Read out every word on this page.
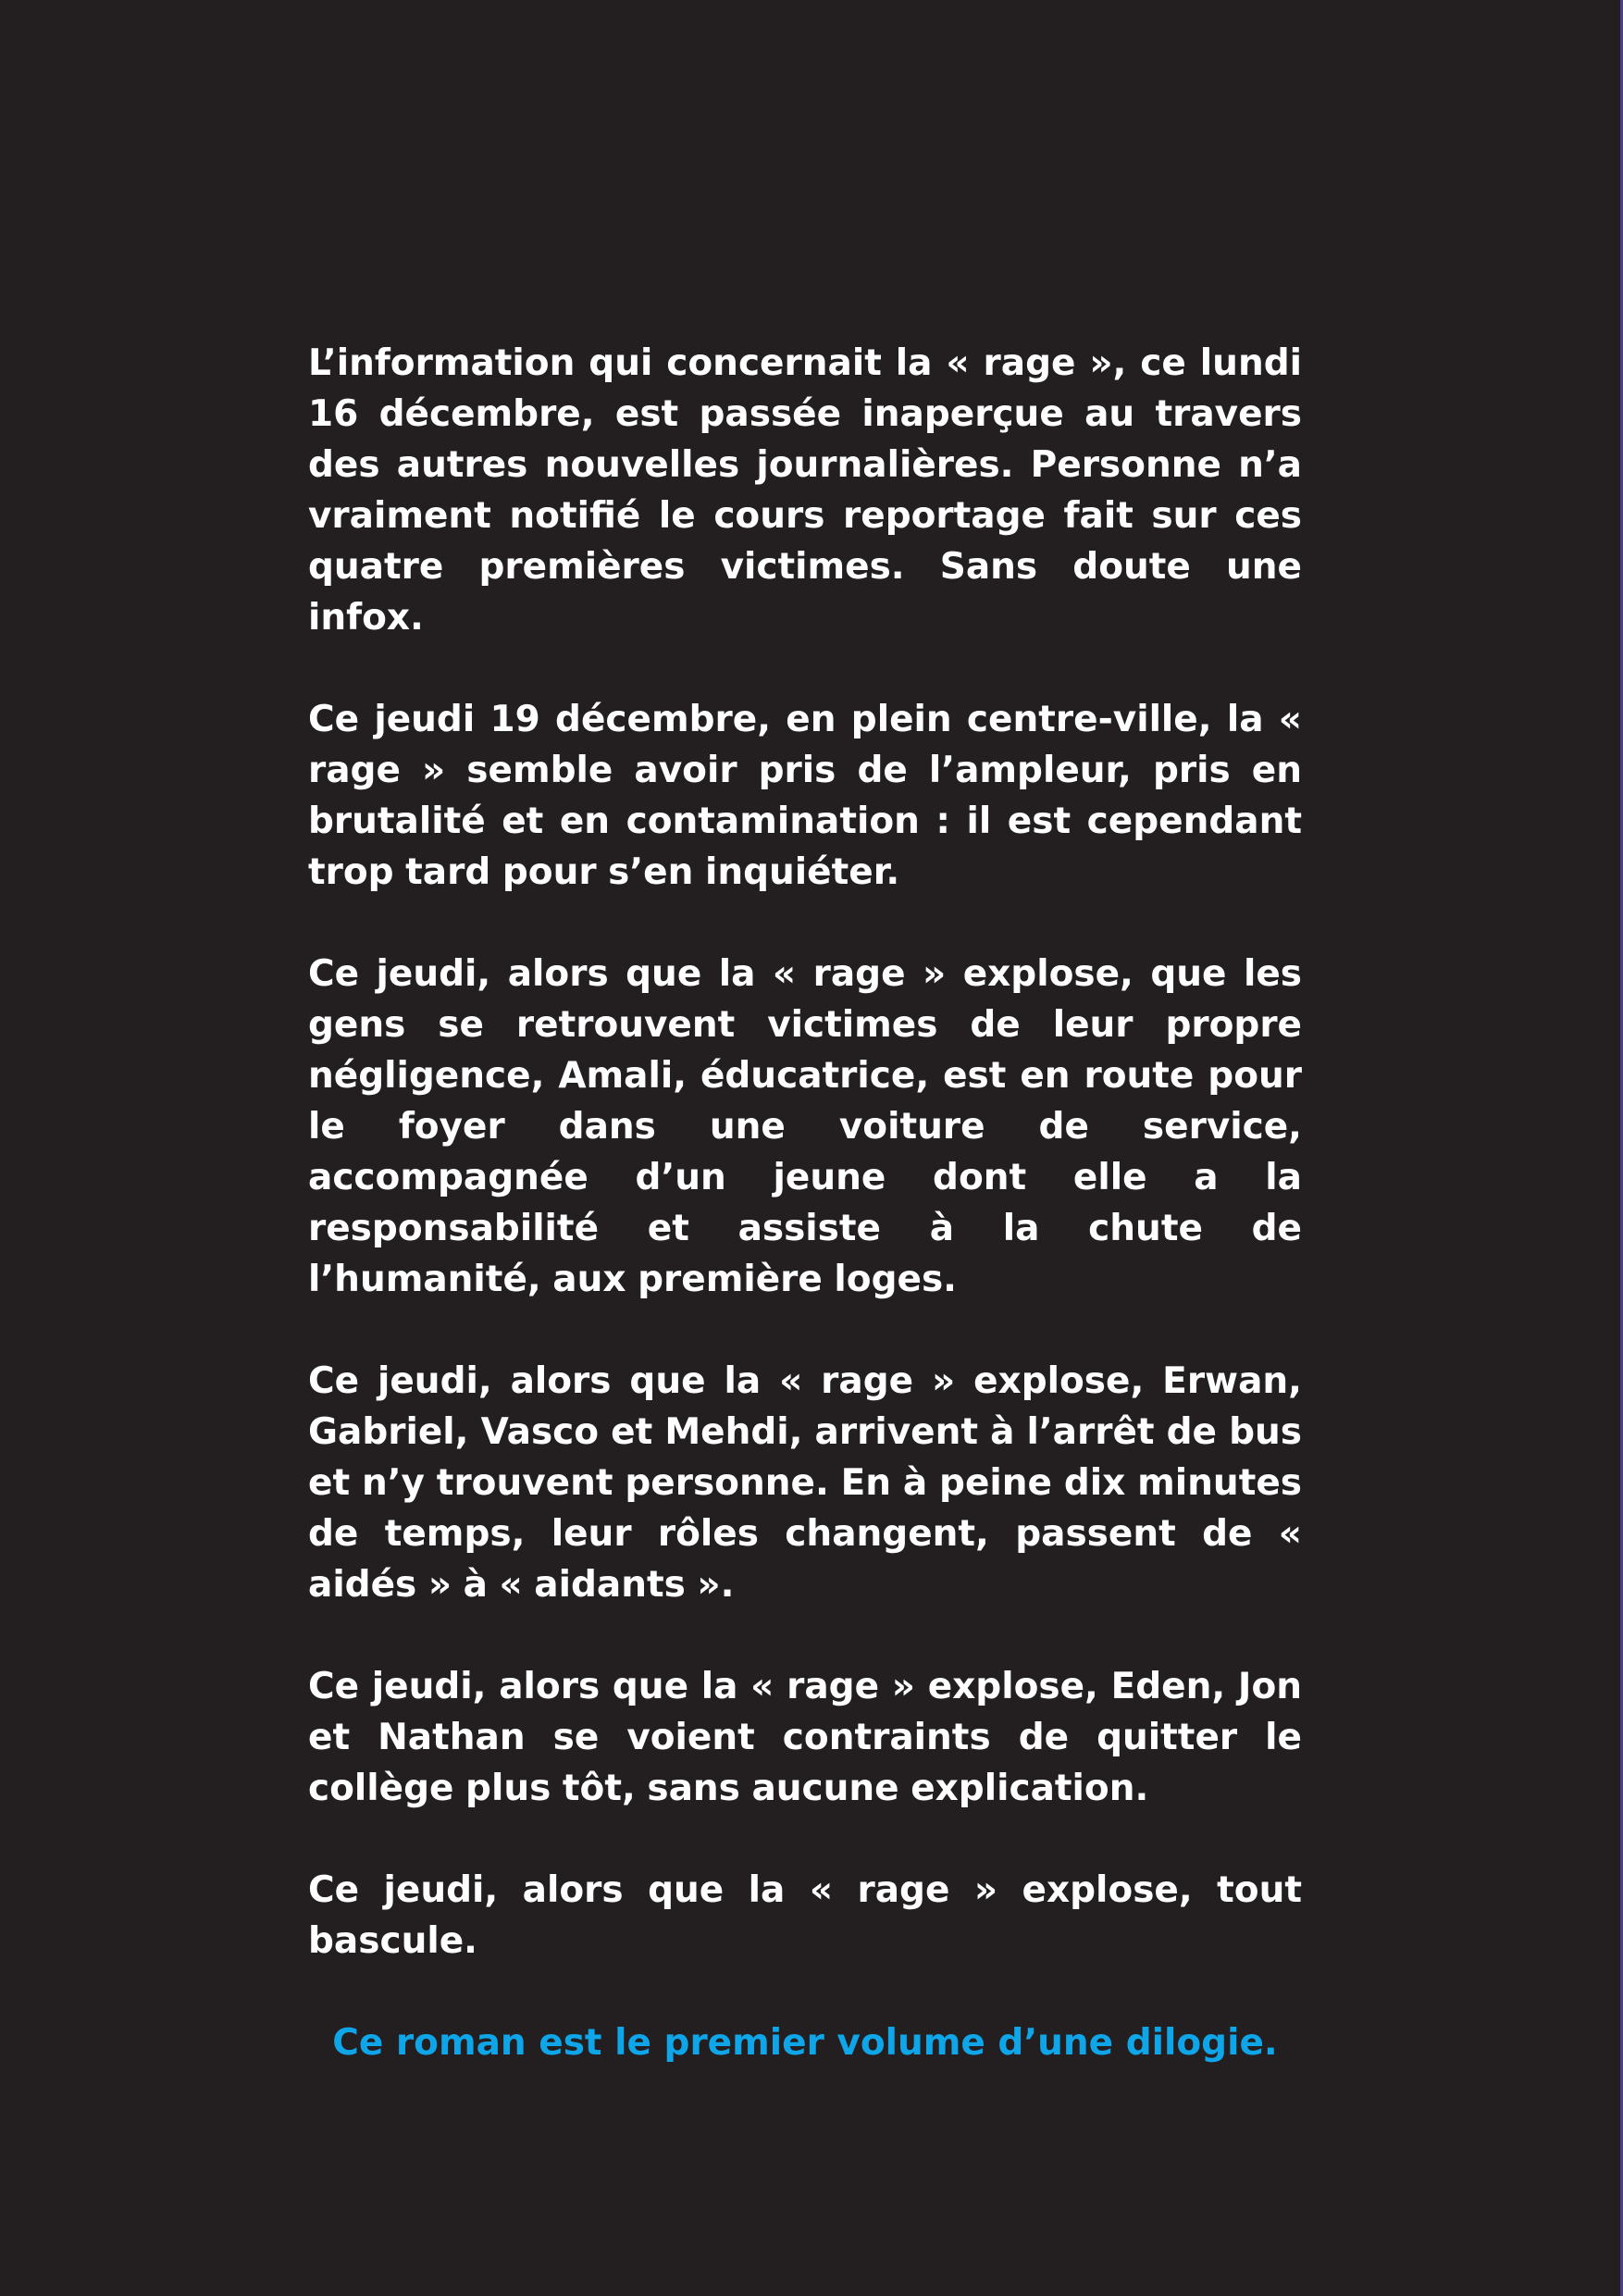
L’information qui concernait la « rage », ce lundi 16 décembre, est passée inaperçue au travers des autres nouvelles journalières. Personne n’a vraiment notifié le cours reportage fait sur ces quatre premières victimes. Sans doute une infox.

Ce jeudi 19 décembre, en plein centre-ville, la « rage » semble avoir pris de l’ampleur, pris en brutalité et en contamination : il est cependant trop tard pour s’en inquiéter.

Ce jeudi, alors que la « rage » explose, que les gens se retrouvent victimes de leur propre négligence, Amali, éducatrice, est en route pour le foyer dans une voiture de service, accompagnée d’un jeune dont elle a la responsabilité et assiste à la chute de l’humanité, aux première loges.

Ce jeudi, alors que la « rage » explose, Erwan, Gabriel, Vasco et Mehdi, arrivent à l’arrêt de bus et n’y trouvent personne. En à peine dix minutes de temps, leur rôles changent, passent de « aidés » à « aidants ».

Ce jeudi, alors que la « rage » explose, Eden, Jon et Nathan se voient contraints de quitter le collège plus tôt, sans aucune explication.

Ce jeudi, alors que la « rage » explose, tout bascule.

Ce roman est le premier volume d’une dilogie.
